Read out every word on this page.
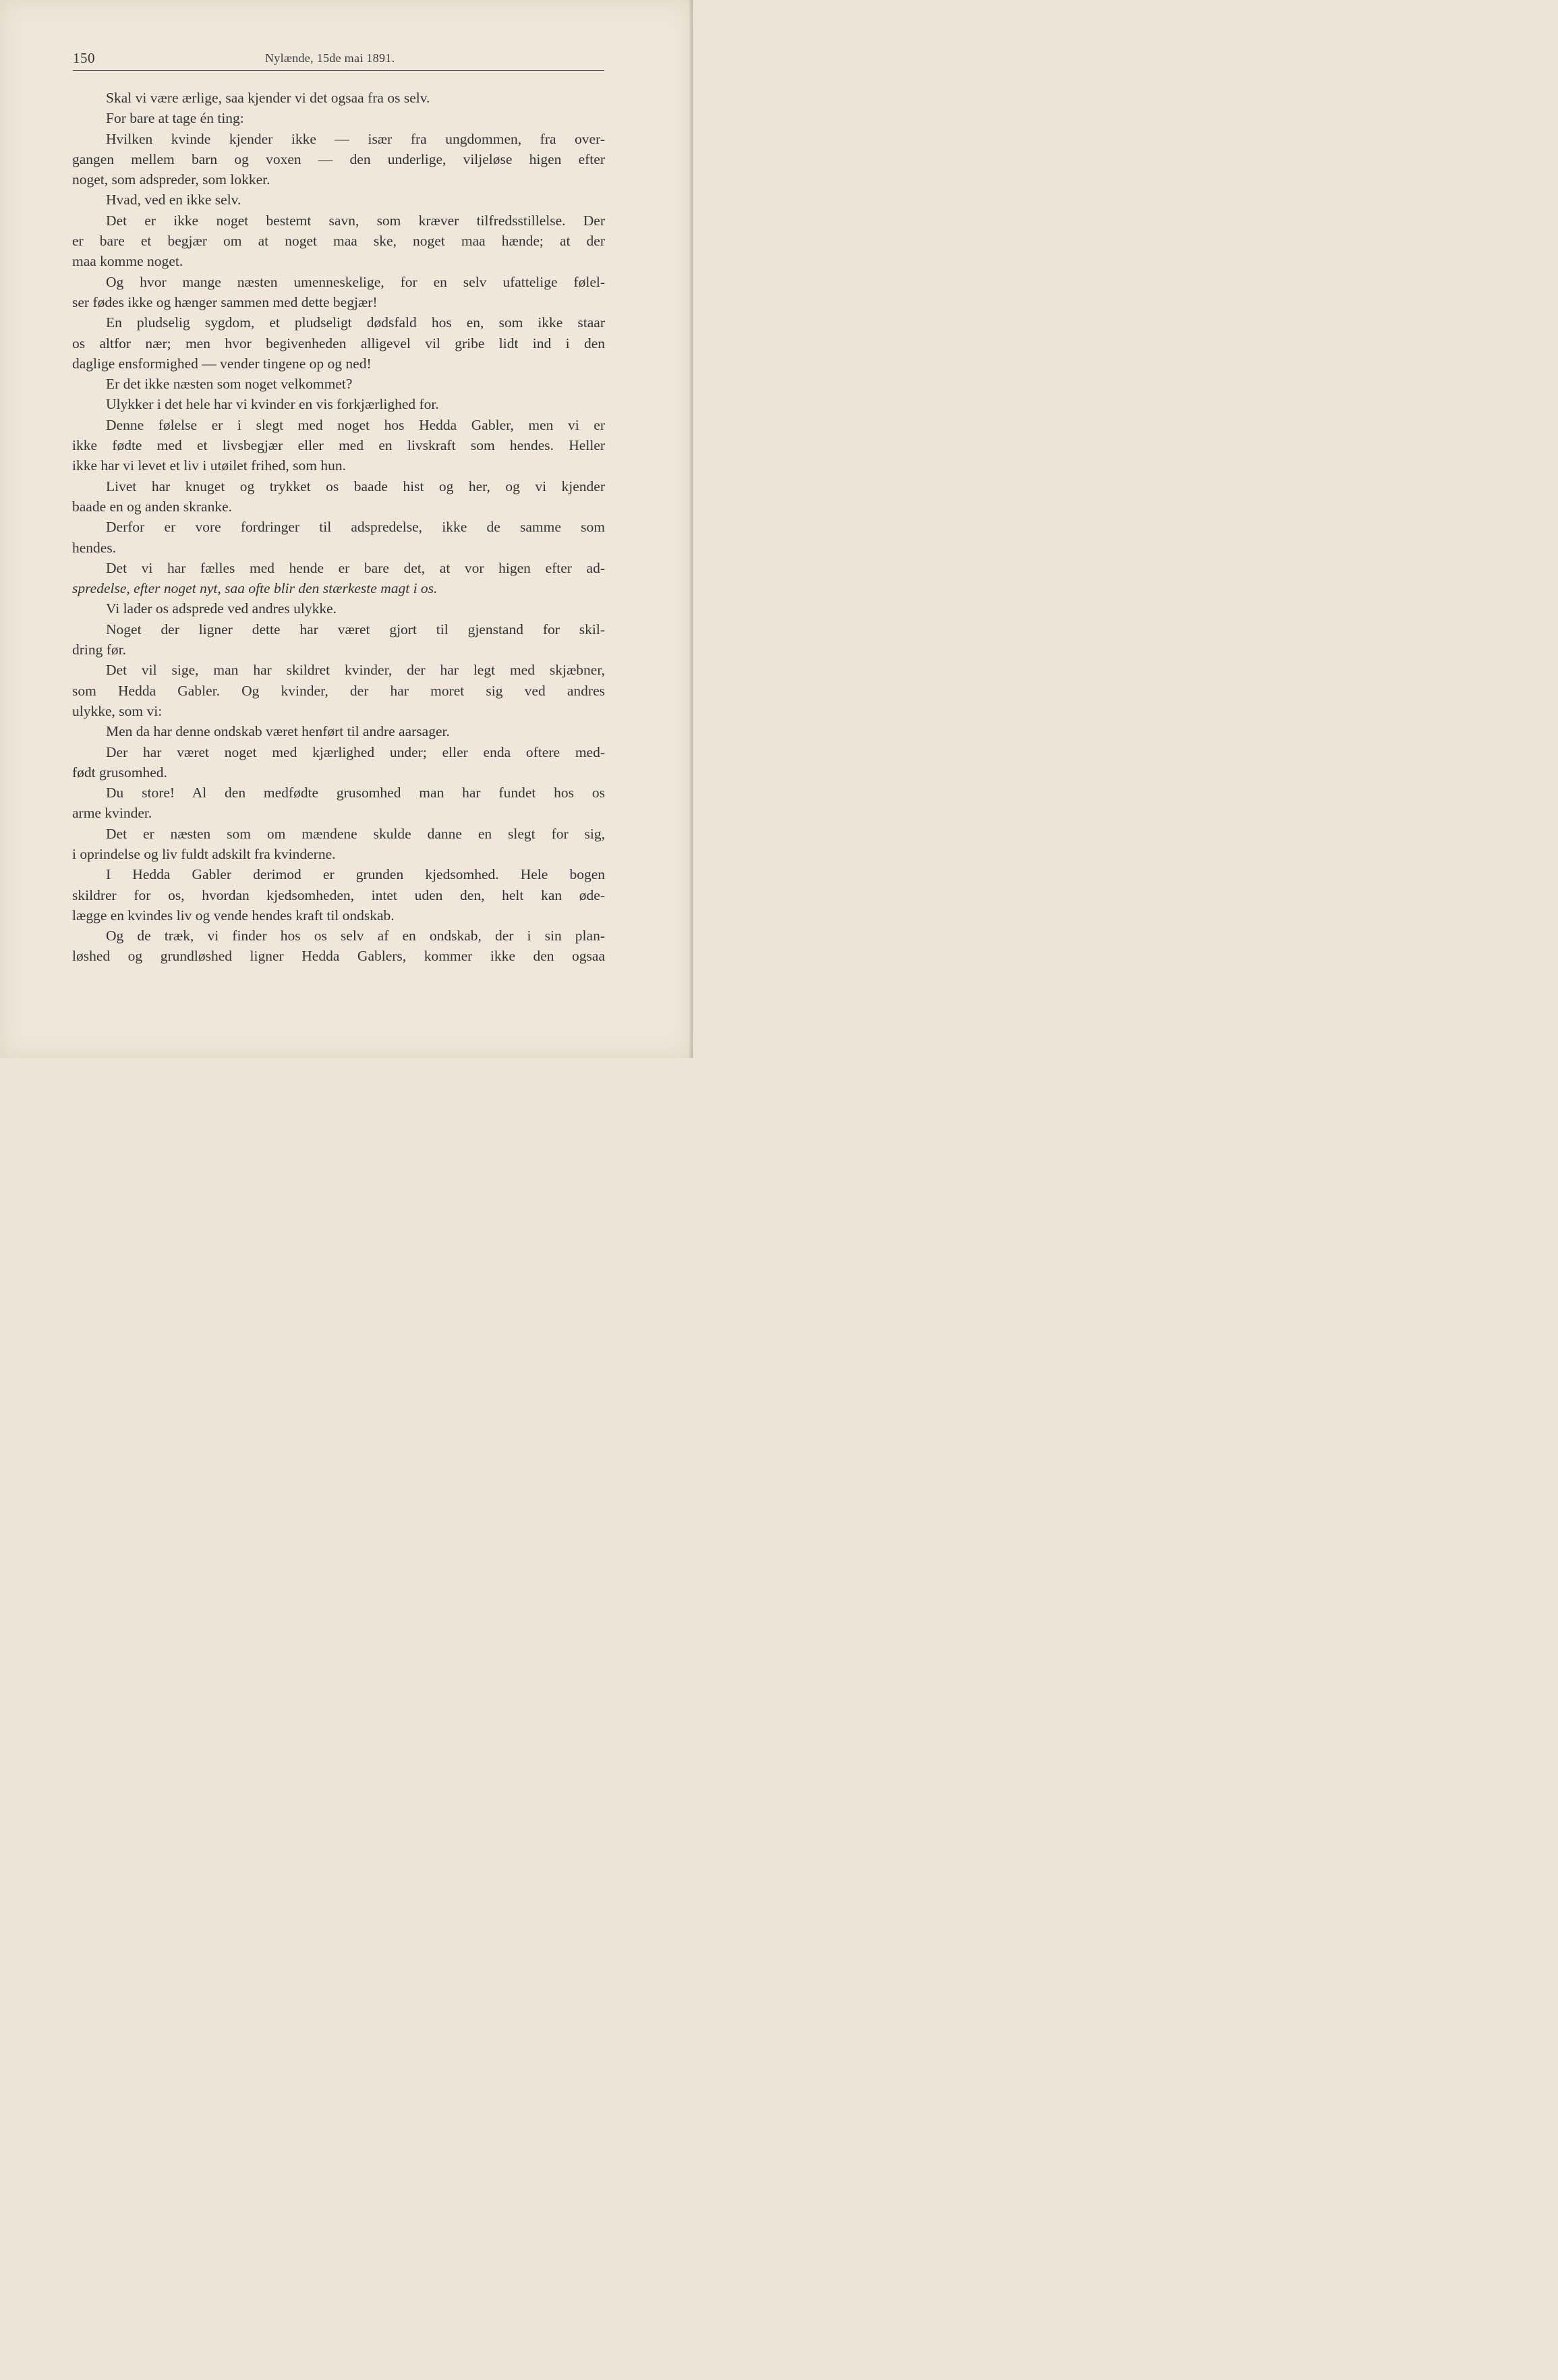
150	Nylænde, 15de mai 1891.
Skal vi være ærlige, saa kjender vi det ogsaa fra os selv.
For bare at tage én ting:
Hvilken kvinde kjender ikke — især fra ungdommen, fra over-
gangen mellem barn og voxen — den underlige, viljeløse higen efter
noget, som adspreder, som lokker.
Hvad, ved en ikke selv.
Det er ikke noget bestemt savn, som kræver tilfredsstillelse. Der
er bare et begjær om at noget maa ske, noget maa hænde; at der
maa komme noget.
Og hvor mange næsten umenneskelige, for en selv ufattelige følel-
ser fødes ikke og hænger sammen med dette begjær!
En pludselig sygdom, et pludseligt dødsfald hos en, som ikke staar
os altfor nær; men hvor begivenheden alligevel vil gribe lidt ind i den
daglige ensformighed — vender tingene op og ned!
Er det ikke næsten som noget velkommet?
Ulykker i det hele har vi kvinder en vis forkjærlighed for.
Denne følelse er i slegt med noget hos Hedda Gabler, men vi er
ikke fødte med et livsbegjær eller med en livskraft som hendes. Heller
ikke har vi levet et liv i utøilet frihed, som hun.
Livet har knuget og trykket os baade hist og her, og vi kjender
baade en og anden skranke.
Derfor er vore fordringer til adspredelse, ikke de samme som
hendes.
Det vi har fælles med hende er bare det, at vor higen efter ad-
spredelse, efter noget nyt, saa ofte blir den stærkeste magt i os.
Vi lader os adsprede ved andres ulykke.
Noget der ligner dette har været gjort til gjenstand for skil-
dring før.
Det vil sige, man har skildret kvinder, der har legt med skjæbner,
som Hedda Gabler. Og kvinder, der har moret sig ved andres
ulykke, som vi:
Men da har denne ondskab været henført til andre aarsager.
Der har været noget med kjærlighed under; eller enda oftere med-
født grusomhed.
Du store! Al den medfødte grusomhed man har fundet hos os
arme kvinder.
Det er næsten som om mændene skulde danne en slegt for sig,
i oprindelse og liv fuldt adskilt fra kvinderne.
I Hedda Gabler derimod er grunden kjedsomhed. Hele bogen
skildrer for os, hvordan kjedsomheden, intet uden den, helt kan øde-
lægge en kvindes liv og vende hendes kraft til ondskab.
Og de træk, vi finder hos os selv af en ondskab, der i sin plan-
løshed og grundløshed ligner Hedda Gablers, kommer ikke den ogsaa
